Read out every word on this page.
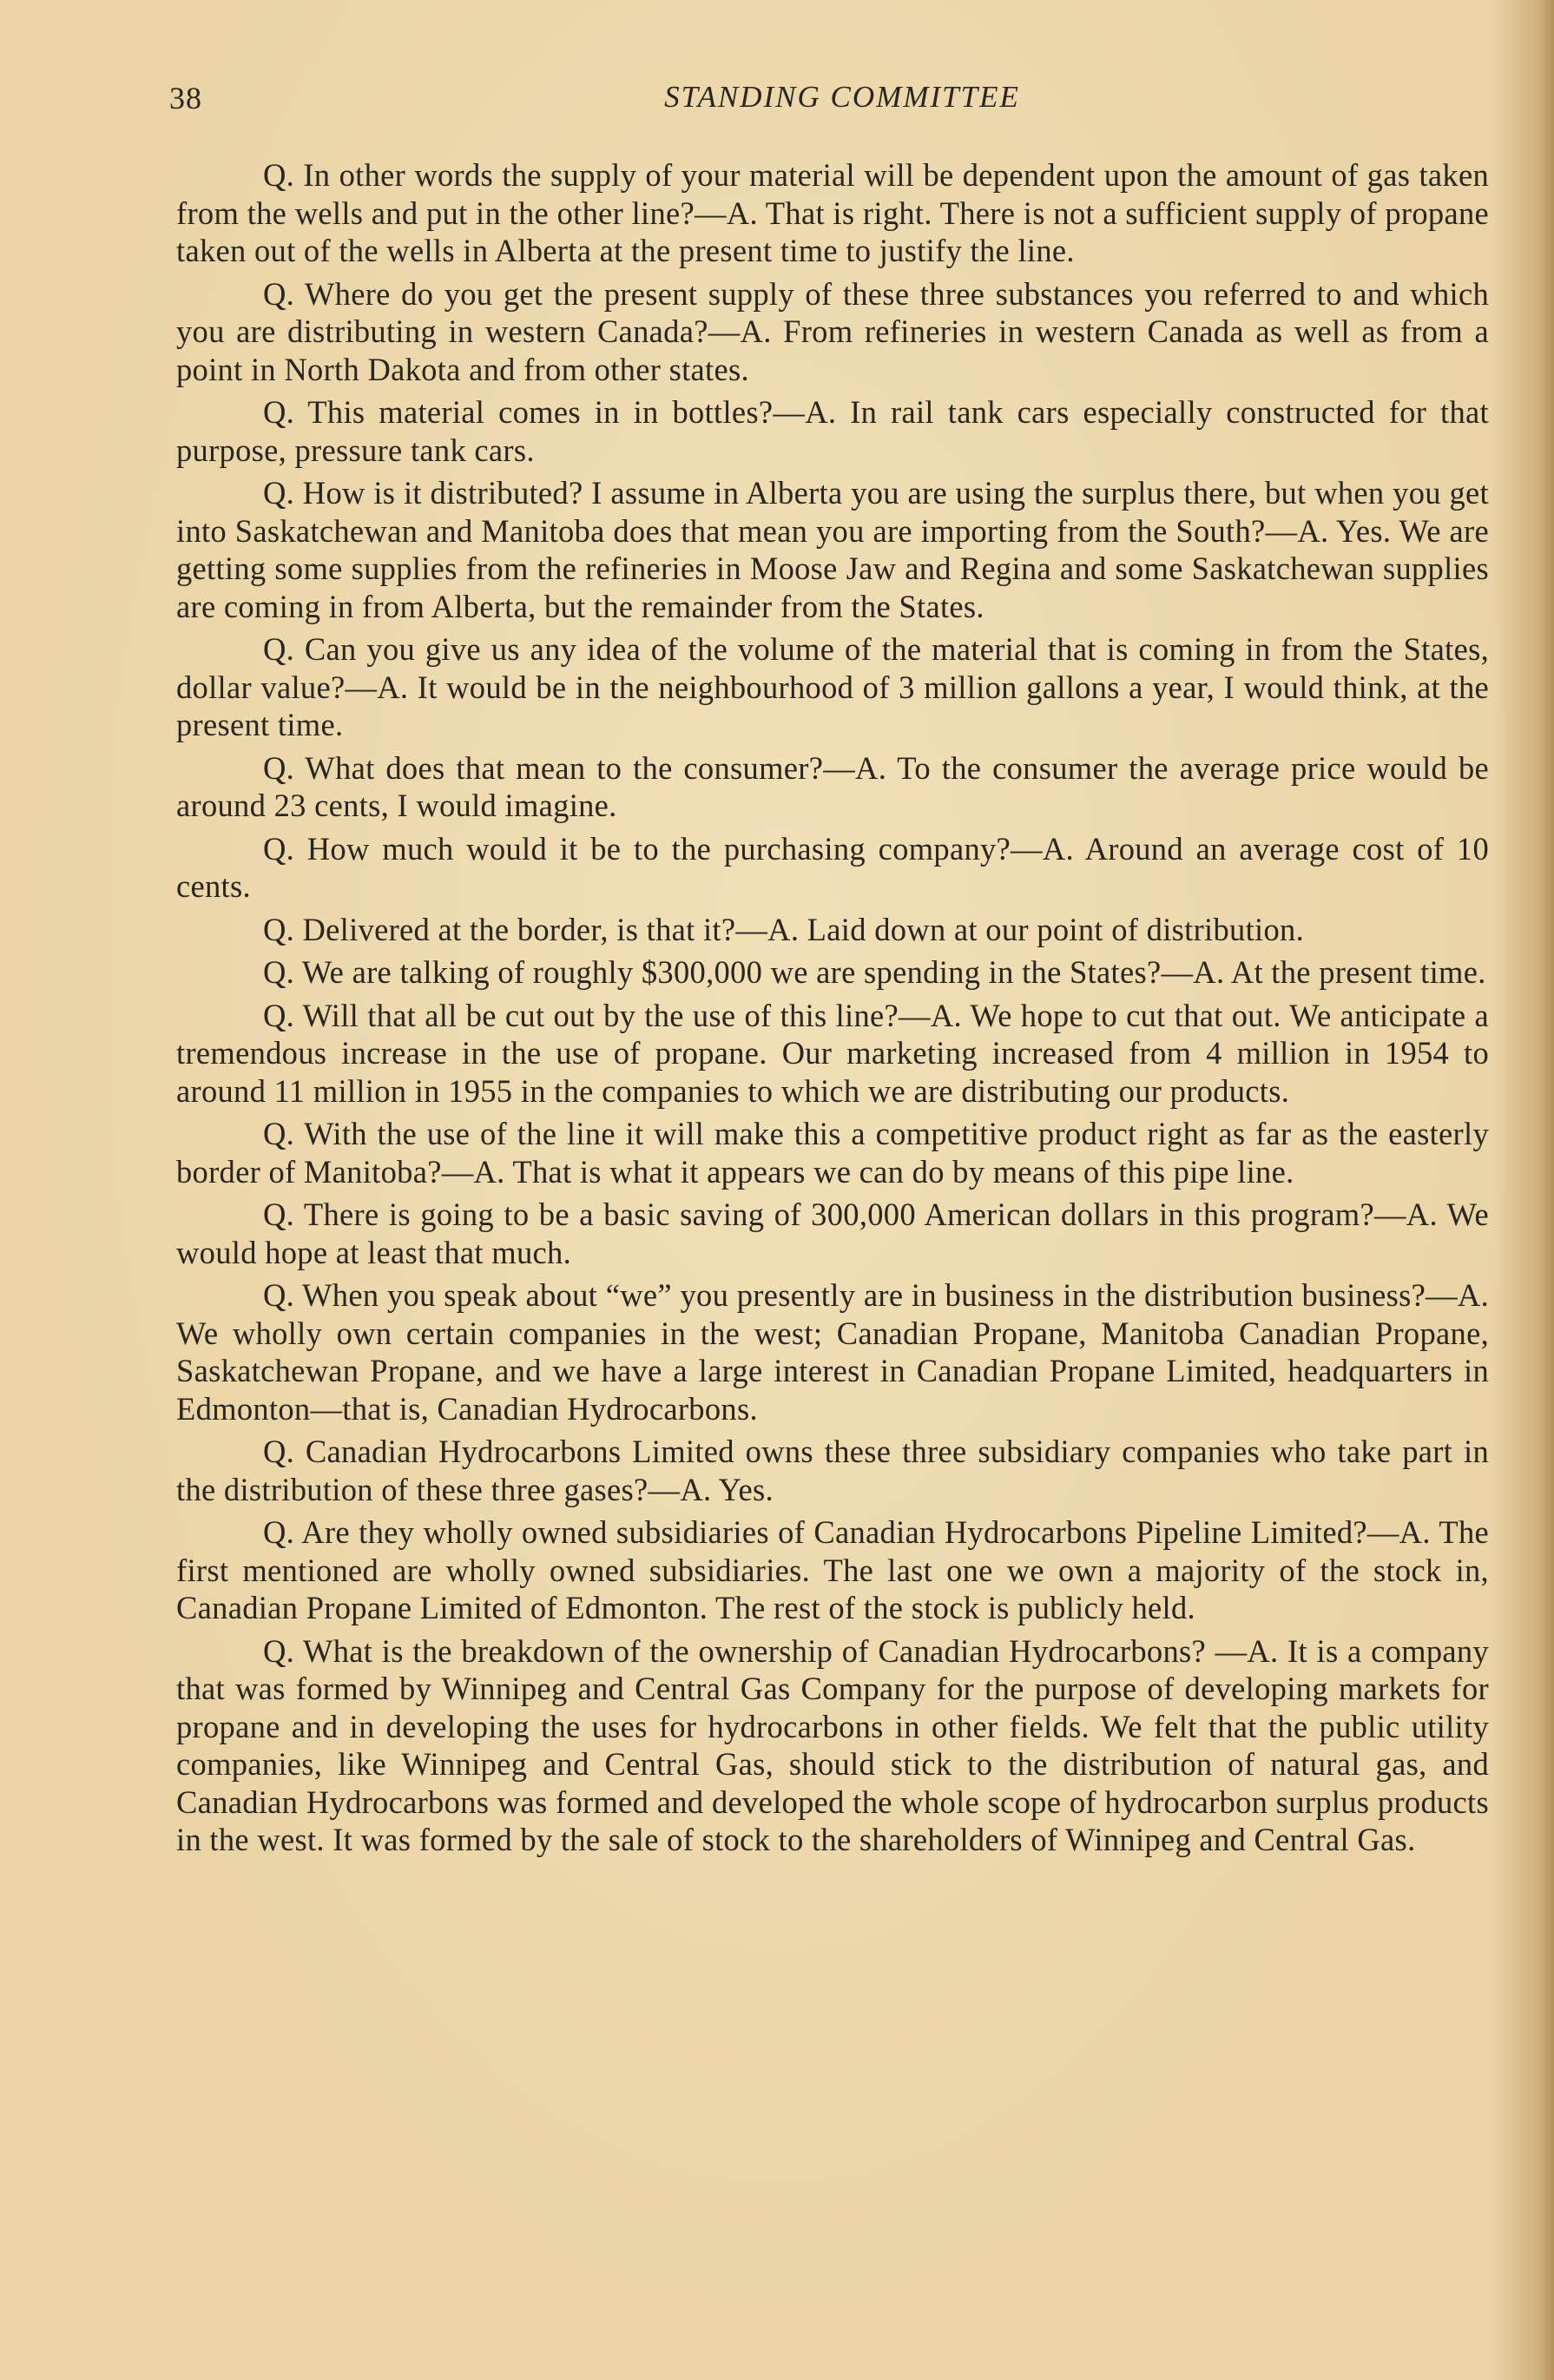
38	STANDING COMMITTEE

Q. In other words the supply of your material will be dependent upon the amount of gas taken from the wells and put in the other line?—A. That is right. There is not a sufficient supply of propane taken out of the wells in Alberta at the present time to justify the line.

Q. Where do you get the present supply of these three substances you referred to and which you are distributing in western Canada?—A. From refineries in western Canada as well as from a point in North Dakota and from other states.

Q. This material comes in in bottles?—A. In rail tank cars especially constructed for that purpose, pressure tank cars.

Q. How is it distributed? I assume in Alberta you are using the surplus there, but when you get into Saskatchewan and Manitoba does that mean you are importing from the South?—A. Yes. We are getting some supplies from the refineries in Moose Jaw and Regina and some Saskatchewan supplies are coming in from Alberta, but the remainder from the States.

Q. Can you give us any idea of the volume of the material that is coming in from the States, dollar value?—A. It would be in the neighbourhood of 3 million gallons a year, I would think, at the present time.

Q. What does that mean to the consumer?—A. To the consumer the average price would be around 23 cents, I would imagine.

Q. How much would it be to the purchasing company?—A. Around an average cost of 10 cents.

Q. Delivered at the border, is that it?—A. Laid down at our point of distribution.

Q. We are talking of roughly $300,000 we are spending in the States?—A. At the present time.

Q. Will that all be cut out by the use of this line?—A. We hope to cut that out. We anticipate a tremendous increase in the use of propane. Our marketing increased from 4 million in 1954 to around 11 million in 1955 in the companies to which we are distributing our products.

Q. With the use of the line it will make this a competitive product right as far as the easterly border of Manitoba?—A. That is what it appears we can do by means of this pipe line.

Q. There is going to be a basic saving of 300,000 American dollars in this program?—A. We would hope at least that much.

Q. When you speak about “we” you presently are in business in the distribution business?—A. We wholly own certain companies in the west; Canadian Propane, Manitoba Canadian Propane, Saskatchewan Propane, and we have a large interest in Canadian Propane Limited, headquarters in Edmonton—that is, Canadian Hydrocarbons.

Q. Canadian Hydrocarbons Limited owns these three subsidiary companies who take part in the distribution of these three gases?—A. Yes.

Q. Are they wholly owned subsidiaries of Canadian Hydrocarbons Pipeline Limited?—A. The first mentioned are wholly owned subsidiaries. The last one we own a majority of the stock in, Canadian Propane Limited of Edmonton. The rest of the stock is publicly held.

Q. What is the breakdown of the ownership of Canadian Hydrocarbons? —A. It is a company that was formed by Winnipeg and Central Gas Company for the purpose of developing markets for propane and in developing the uses for hydrocarbons in other fields. We felt that the public utility companies, like Winnipeg and Central Gas, should stick to the distribution of natural gas, and Canadian Hydrocarbons was formed and developed the whole scope of hydrocarbon surplus products in the west. It was formed by the sale of stock to the shareholders of Winnipeg and Central Gas.
